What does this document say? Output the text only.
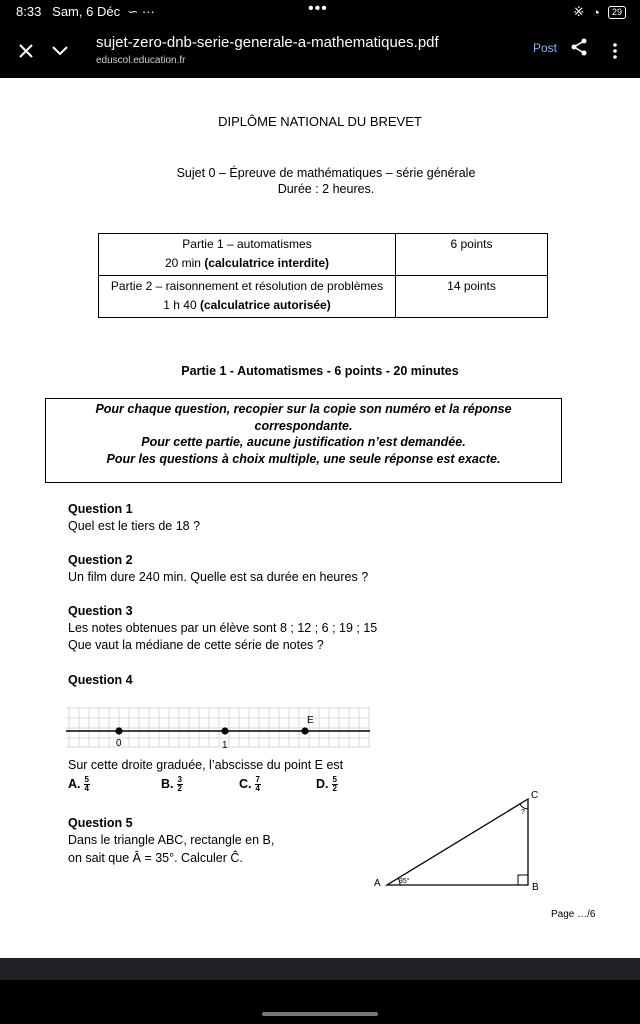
8:33 Sam, 6 Déc  ∽ ···	•••	※ ◔	29
sujet-zero-dnb-serie-generale-a-mathematiques.pdf
eduscol.education.fr
Post
DIPLÔME NATIONAL DU BREVET
Sujet 0 – Épreuve de mathématiques – série générale
Durée : 2 heures.
Partie 1 – automatismes
20 min (calculatrice interdite)	6 points
Partie 2 – raisonnement et résolution de problèmes
1 h 40 (calculatrice autorisée)	14 points
Partie 1 - Automatismes - 6 points - 20 minutes
Pour chaque question, recopier sur la copie son numéro et la réponse
correspondante.
Pour cette partie, aucune justification n’est demandée.
Pour les questions à choix multiple, une seule réponse est exacte.
Question 1
Quel est le tiers de 18 ?
Question 2
Un film dure 240 min. Quelle est sa durée en heures ?
Question 3
Les notes obtenues par un élève sont 8 ; 12 ; 6 ; 19 ; 15
Que vaut la médiane de cette série de notes ?
Question 4
0	1
E
Sur cette droite graduée, l’abscisse du point E est
A. $\frac{5}{4}$	B. $\frac{3}{2}$	C. $\frac{7}{4}$	D. $\frac{5}{2}$
Question 5
Dans le triangle ABC, rectangle en B,
on sait que Â = 35°. Calculer Ĉ.
A	B
C
35°
?
Page …/6
